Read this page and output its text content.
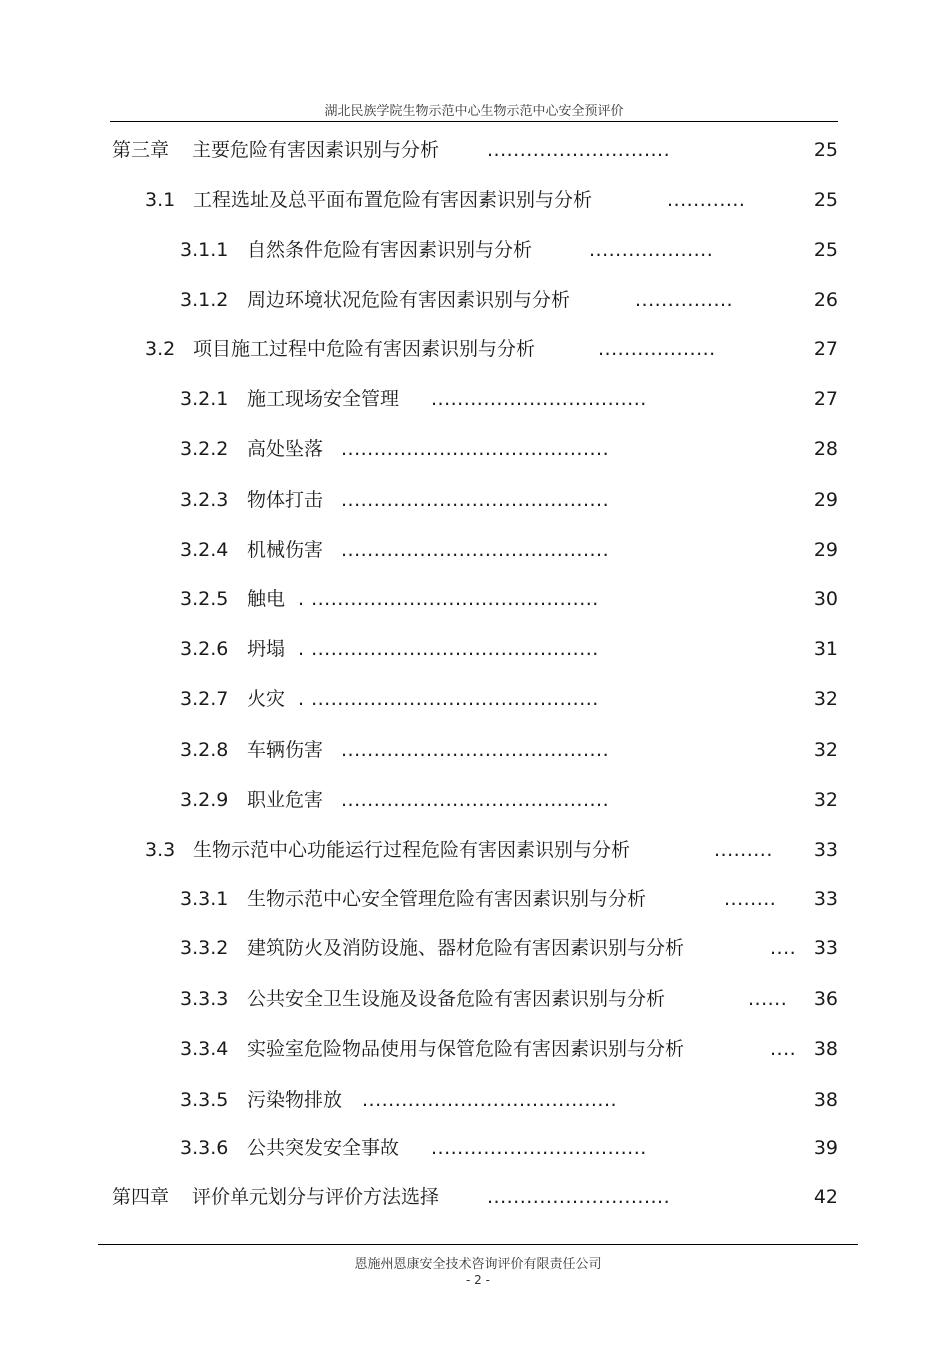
湖北民族学院生物示范中心生物示范中心安全预评价
第三章 主要危险有害因素识别与分析	............................	25
3.1 工程选址及总平面布置危险有害因素识别与分析	............	25
3.1.1 自然条件危险有害因素识别与分析	...................	25
3.1.2 周边环境状况危险有害因素识别与分析	...............	26
3.2 项目施工过程中危险有害因素识别与分析	..................	27
3.2.1 施工现场安全管理 .................................	27
3.2.2 高处坠落 .........................................	28
3.2.3 物体打击 .........................................	29
3.2.4 机械伤害 .........................................	29
3.2.5 触电 . ............................................	30
3.2.6 坍塌 . ............................................	31
3.2.7 火灾 . ............................................	32
3.2.8 车辆伤害 .........................................	32
3.2.9 职业危害 .........................................	32
3.3 生物示范中心功能运行过程危险有害因素识别与分析	......... 33
3.3.1 生物示范中心安全管理危险有害因素识别与分析	........ 33
3.3.2 建筑防火及消防设施、器材危险有害因素识别与分析	.... 33
3.3.3 公共安全卫生设施及设备危险有害因素识别与分析	...... 36
3.3.4 实验室危险物品使用与保管危险有害因素识别与分析	.... 38
3.3.5 污染物排放 .......................................	38
3.3.6 公共突发安全事故 .................................	39
第四章 评价单元划分与评价方法选择	............................	42
恩施州恩康安全技术咨询评价有限责任公司
- 2 -
